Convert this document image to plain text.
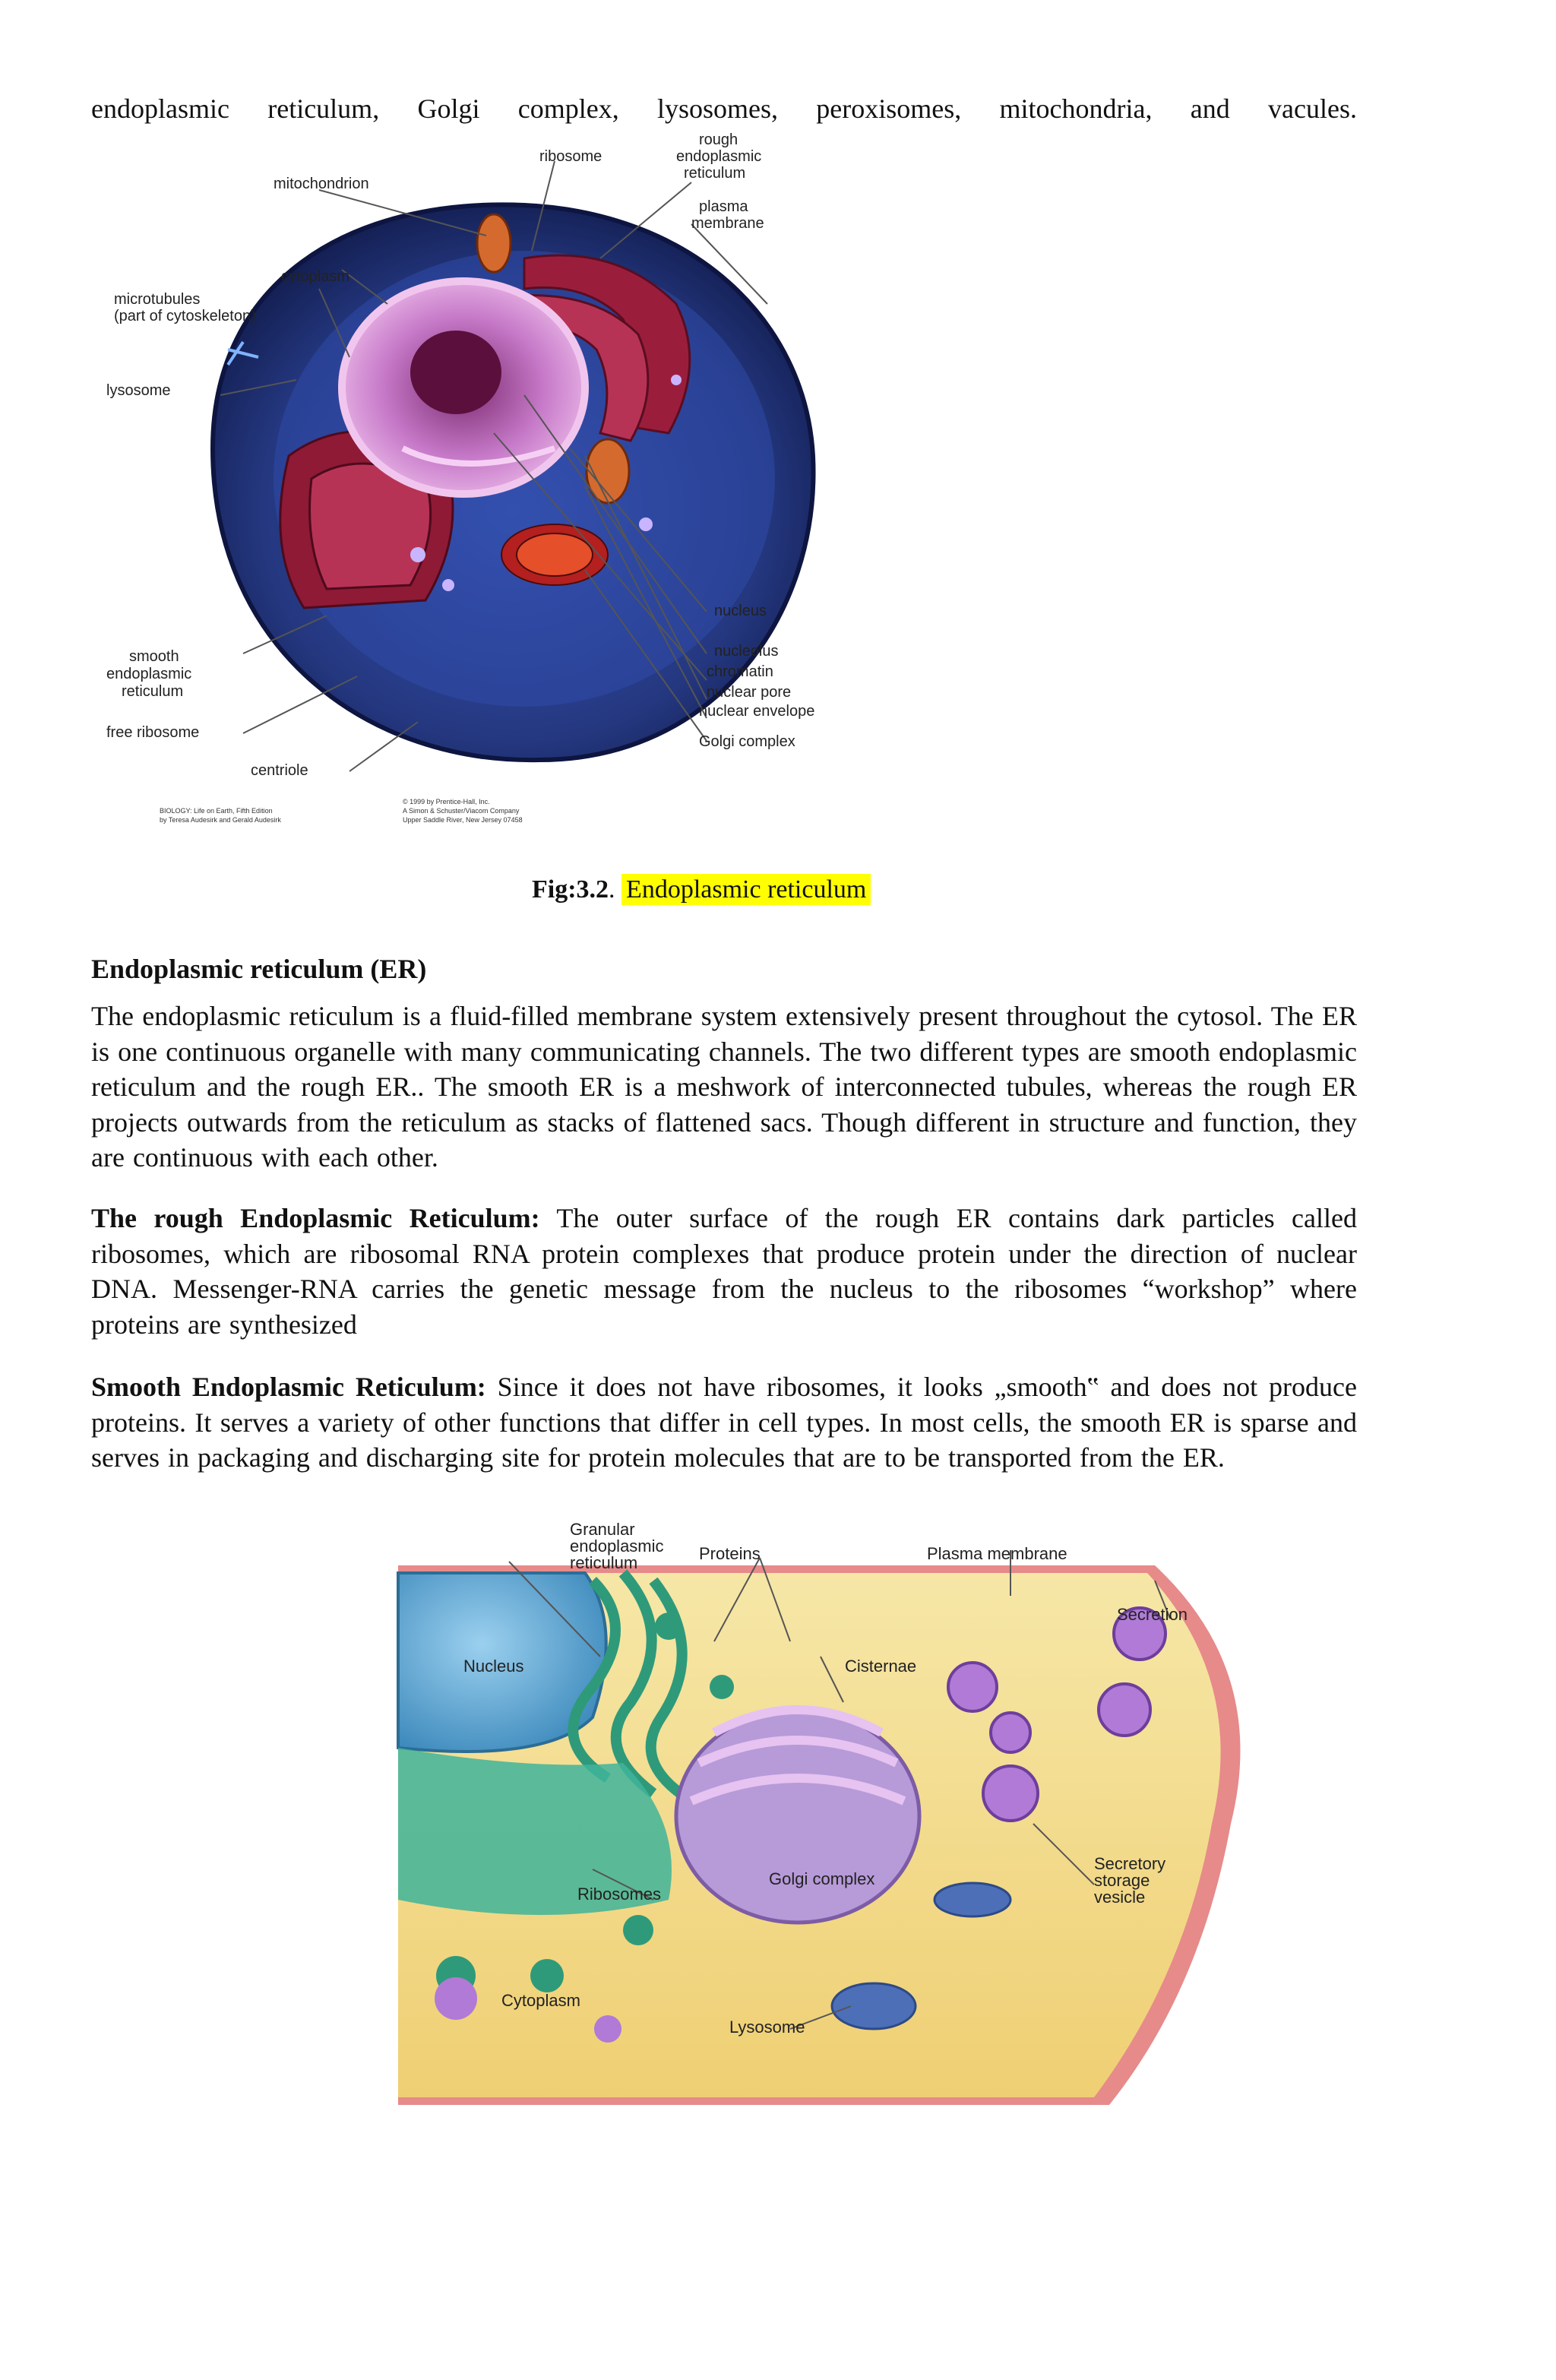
endoplasmic reticulum, Golgi complex, lysosomes, peroxisomes, mitochondria, and vacules.
rough
endoplasmic
reticulum
ribosome
mitochondrion
plasma
membrane
cytoplasm
microtubules
(part of cytoskeleton)
lysosome
nucleus
nucleolus
chromatin
nuclear pore
nuclear envelope
Golgi complex
smooth
endoplasmic
reticulum
free ribosome
centriole
BIOLOGY: Life on Earth, Fifth Edition
by Teresa Audesirk and Gerald Audesirk
© 1999 by Prentice-Hall, Inc.
A Simon & Schuster/Viacom Company
Upper Saddle River, New Jersey 07458
Fig:3.2. Endoplasmic reticulum
Endoplasmic reticulum (ER)
The endoplasmic reticulum is a fluid-filled membrane system extensively present throughout the cytosol. The ER is one continuous organelle with many communicating channels. The two different types are smooth endoplasmic reticulum and the rough ER.. The smooth ER is a meshwork of interconnected tubules, whereas the rough ER projects outwards from the reticulum as stacks of flattened sacs. Though different in structure and function, they are continuous with each other.
The rough Endoplasmic Reticulum: The outer surface of the rough ER contains dark particles called ribosomes, which are ribosomal RNA protein complexes that produce protein under the direction of nuclear DNA. Messenger-RNA carries the genetic message from the nucleus to the ribosomes “workshop” where proteins are synthesized
Smooth Endoplasmic Reticulum: Since it does not have ribosomes, it looks „smooth‟ and does not produce proteins. It serves a variety of other functions that differ in cell types. In most cells, the smooth ER is sparse and serves in packaging and discharging site for protein molecules that are to be transported from the ER.
Granular
endoplasmic
reticulum	Proteins	Plasma membrane
Secretion
Nucleus	Cisternae
Golgi complex
Ribosomes
Secretory
storage
vesicle
Cytoplasm
Lysosome
